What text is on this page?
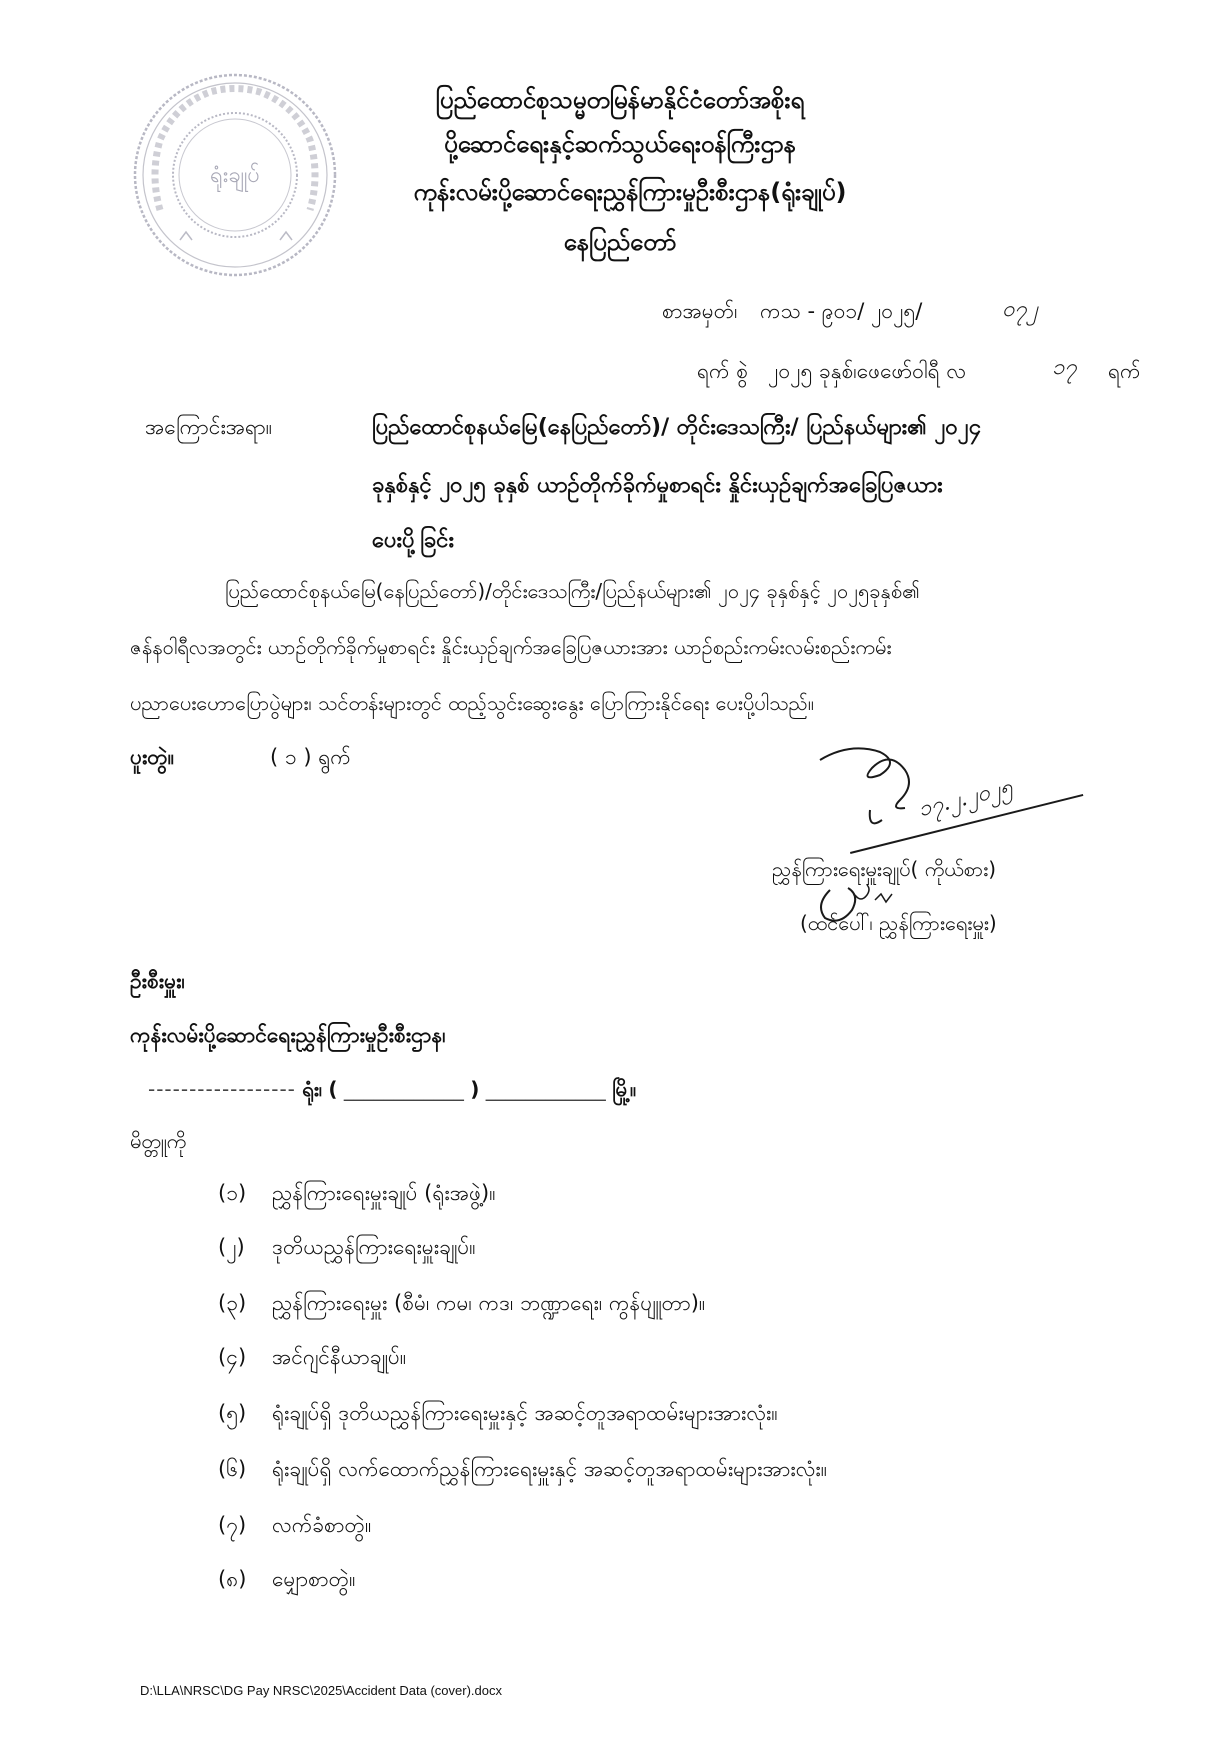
ရုံးချုပ်
ပြည်ထောင်စုသမ္မတမြန်မာနိုင်ငံတော်အစိုးရ
ပို့ဆောင်ရေးနှင့်ဆက်သွယ်ရေးဝန်ကြီးဌာန
ကုန်းလမ်းပို့ဆောင်ရေးညွှန်ကြားမှုဦးစီးဌာန(ရုံးချုပ်)
နေပြည်တော်
စာအမှတ်၊ ကသ - ၉၀၁/ ၂၀၂၅/	၀၇၂
ရက် စွဲ ၂၀၂၅ ခုနှစ်၊ဖေဖော်ဝါရီ လ	၁၇ ရက်
အကြောင်းအရာ။	ပြည်ထောင်စုနယ်မြေ(နေပြည်တော်)/ တိုင်းဒေသကြီး/ ပြည်နယ်များ၏ ၂၀၂၄
ခုနှစ်နှင့် ၂၀၂၅ ခုနှစ် ယာဉ်တိုက်ခိုက်မှုစာရင်း နှိုင်းယှဉ်ချက်အခြေပြဇယား
ပေးပို့ခြင်း
ပြည်ထောင်စုနယ်မြေ(နေပြည်တော်)/တိုင်းဒေသကြီး/ပြည်နယ်များ၏ ၂၀၂၄ ခုနှစ်နှင့် ၂၀၂၅ခုနှစ်၏
ဇန်နဝါရီလအတွင်း ယာဉ်တိုက်ခိုက်မှုစာရင်း နှိုင်းယှဉ်ချက်အခြေပြဇယားအား ယာဉ်စည်းကမ်းလမ်းစည်းကမ်း
ပညာပေးဟောပြောပွဲများ၊ သင်တန်းများတွင် ထည့်သွင်းဆွေးနွေး ပြောကြားနိုင်ရေး ပေးပို့ပါသည်။
ပူးတွဲ။	( ၁ ) ရွက်
၁၇.၂.၂၀၂၅
ညွှန်ကြားရေးမှူးချုပ်( ကိုယ်စား)
(ထင်ပေါ်၊ ညွှန်ကြားရေးမှူး)
ဦးစီးမှူး၊
ကုန်းလမ်းပို့ဆောင်ရေးညွှန်ကြားမှုဦးစီးဌာန၊
------------------ ရုံး၊ ( ____________ ) ____________ မြို့။
မိတ္တူကို
(၁) ညွှန်ကြားရေးမှူးချုပ် (ရုံးအဖွဲ့)။
(၂) ဒုတိယညွှန်ကြားရေးမှူးချုပ်။
(၃) ညွှန်ကြားရေးမှူး (စီမံ၊ ကမ၊ ကဒ၊ ဘဏ္ဍာရေး၊ ကွန်ပျူတာ)။
(၄) အင်ဂျင်နီယာချုပ်။
(၅) ရုံးချုပ်ရှိ ဒုတိယညွှန်ကြားရေးမှူးနှင့် အဆင့်တူအရာထမ်းများအားလုံး။
(၆) ရုံးချုပ်ရှိ လက်ထောက်ညွှန်ကြားရေးမှူးနှင့် အဆင့်တူအရာထမ်းများအားလုံး။
(၇) လက်ခံစာတွဲ။
(၈) မျှောစာတွဲ။
D:\LLA\NRSC\DG Pay NRSC\2025\Accident Data (cover).docx
